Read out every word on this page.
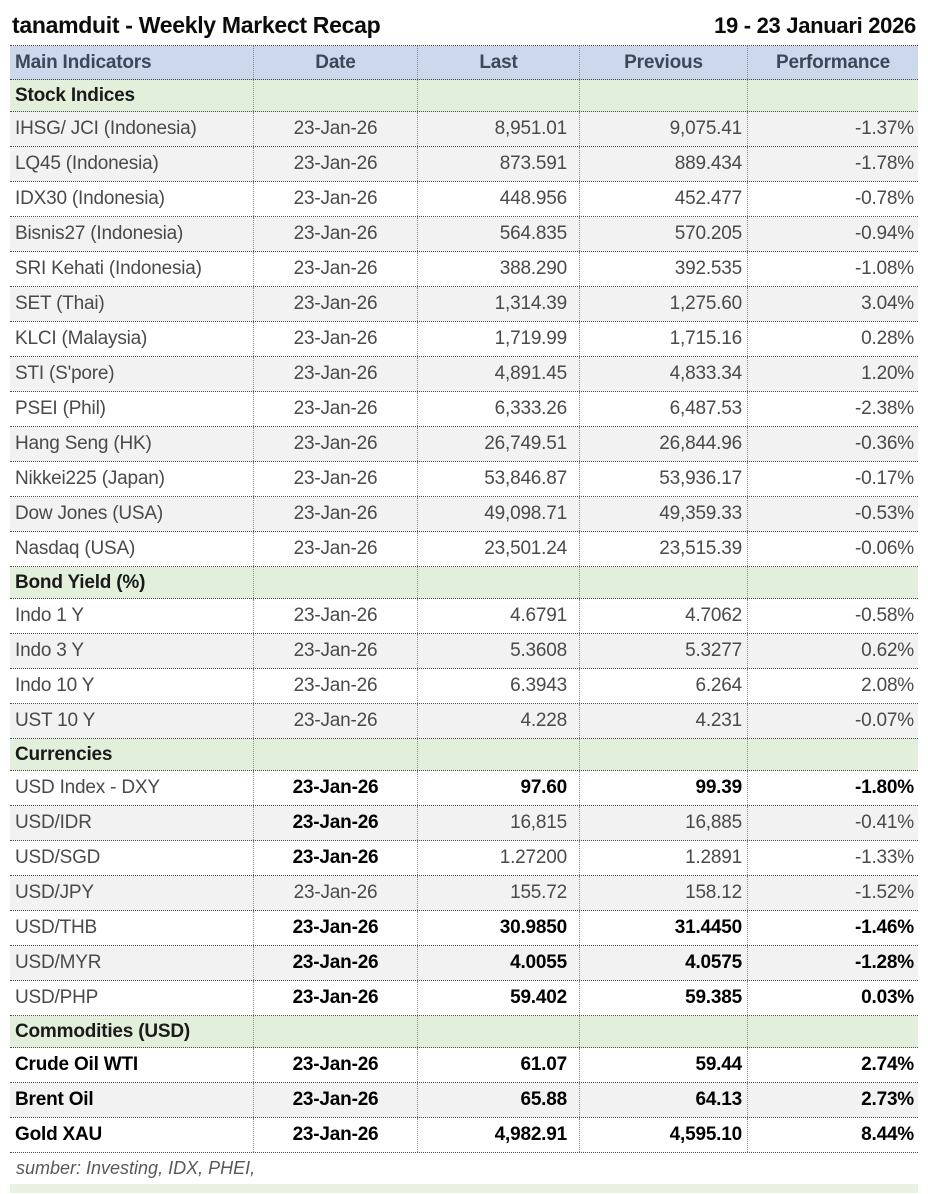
tanamduit - Weekly Markect Recap	19 - 23 Januari 2026
Main Indicators	Date	Last	Previous	Performance
Stock Indices
IHSG/ JCI (Indonesia)	23-Jan-26	8,951.01	9,075.41	-1.37%
LQ45 (Indonesia)	23-Jan-26	873.591	889.434	-1.78%
IDX30 (Indonesia)	23-Jan-26	448.956	452.477	-0.78%
Bisnis27 (Indonesia)	23-Jan-26	564.835	570.205	-0.94%
SRI Kehati (Indonesia)	23-Jan-26	388.290	392.535	-1.08%
SET (Thai)	23-Jan-26	1,314.39	1,275.60	3.04%
KLCI (Malaysia)	23-Jan-26	1,719.99	1,715.16	0.28%
STI (S'pore)	23-Jan-26	4,891.45	4,833.34	1.20%
PSEI (Phil)	23-Jan-26	6,333.26	6,487.53	-2.38%
Hang Seng (HK)	23-Jan-26	26,749.51	26,844.96	-0.36%
Nikkei225 (Japan)	23-Jan-26	53,846.87	53,936.17	-0.17%
Dow Jones (USA)	23-Jan-26	49,098.71	49,359.33	-0.53%
Nasdaq (USA)	23-Jan-26	23,501.24	23,515.39	-0.06%
Bond Yield (%)
Indo 1 Y	23-Jan-26	4.6791	4.7062	-0.58%
Indo 3 Y	23-Jan-26	5.3608	5.3277	0.62%
Indo 10 Y	23-Jan-26	6.3943	6.264	2.08%
UST 10 Y	23-Jan-26	4.228	4.231	-0.07%
Currencies
USD Index - DXY	23-Jan-26	97.60	99.39	-1.80%
USD/IDR	23-Jan-26	16,815	16,885	-0.41%
USD/SGD	23-Jan-26	1.27200	1.2891	-1.33%
USD/JPY	23-Jan-26	155.72	158.12	-1.52%
USD/THB	23-Jan-26	30.9850	31.4450	-1.46%
USD/MYR	23-Jan-26	4.0055	4.0575	-1.28%
USD/PHP	23-Jan-26	59.402	59.385	0.03%
Commodities (USD)
Crude Oil WTI	23-Jan-26	61.07	59.44	2.74%
Brent Oil	23-Jan-26	65.88	64.13	2.73%
Gold XAU	23-Jan-26	4,982.91	4,595.10	8.44%
sumber: Investing, IDX, PHEI,
